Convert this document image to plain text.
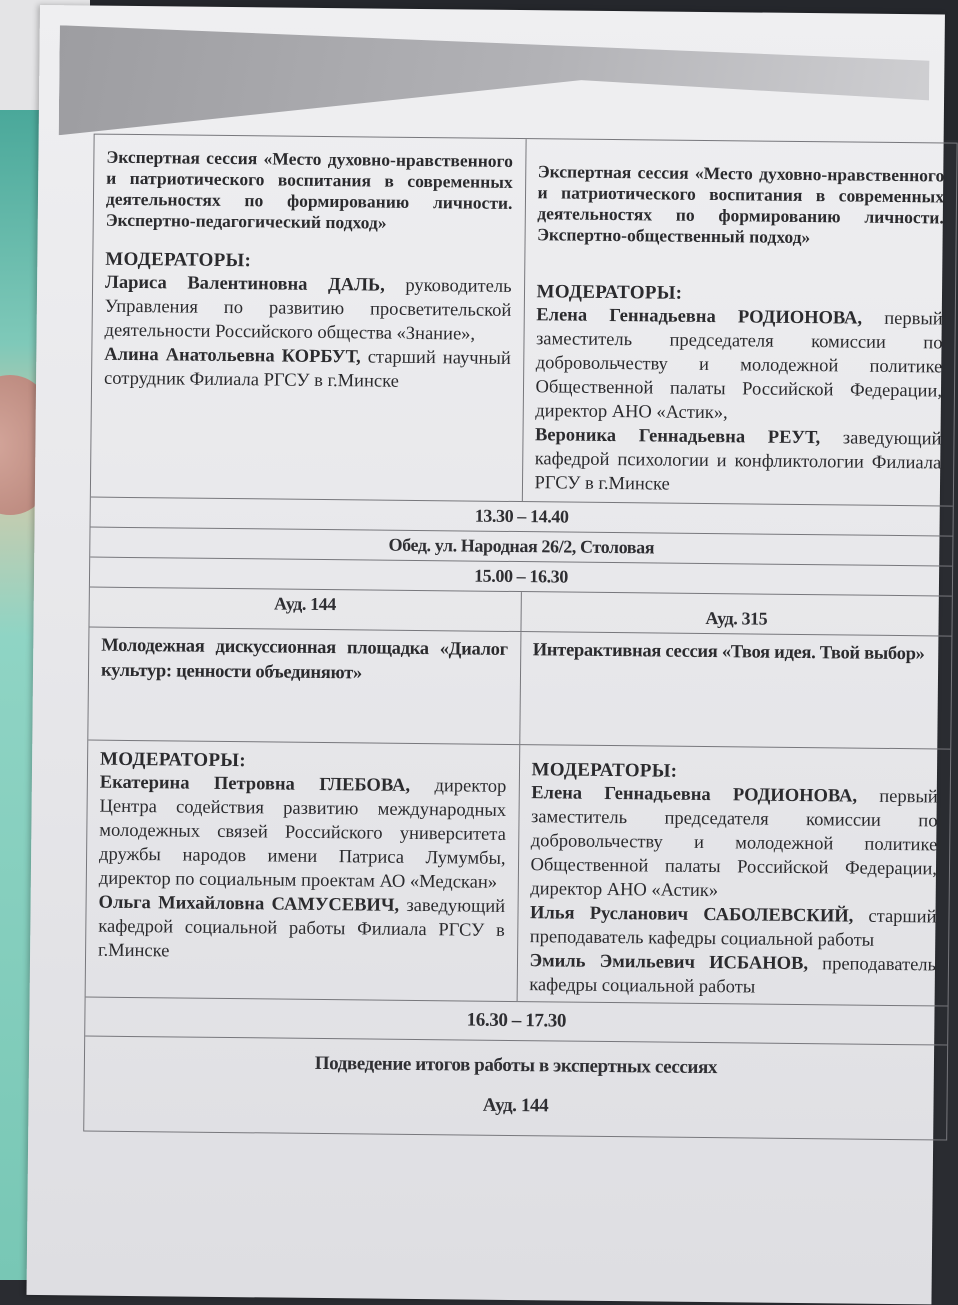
Экспертная сессия «Место духовно-нравственного и патриотического воспитания в современных деятельностях по формированию личности. Экспертно-педагогический подход»
МОДЕРАТОРЫ:
Лариса Валентиновна ДАЛЬ, руководитель Управления по развитию просветительской деятельности Российского общества «Знание»,
Алина Анатольевна КОРБУТ, старший научный сотрудник Филиала РГСУ в г.Минске
Экспертная сессия «Место духовно-нравственного и патриотического воспитания в современных деятельностях по формированию личности. Экспертно-общественный подход»
МОДЕРАТОРЫ:
Елена Геннадьевна РОДИОНОВА, первый заместитель председателя комиссии по добровольчеству и молодежной политике Общественной палаты Российской Федерации, директор АНО «Астик»,
Вероника Геннадьевна РЕУТ, заведующий кафедрой психологии и конфликтологии Филиала РГСУ в г.Минске
13.30 – 14.40
Обед. ул. Народная 26/2, Столовая
15.00 – 16.30
Ауд. 144
Ауд. 315
Молодежная дискуссионная площадка «Диалог культур: ценности объединяют»
Интерактивная сессия «Твоя идея. Твой выбор»
МОДЕРАТОРЫ:
Екатерина Петровна ГЛЕБОВА, директор Центра содействия развитию международных молодежных связей Российского университета дружбы народов имени Патриса Лумумбы, директор по социальным проектам АО «Медскан»
Ольга Михайловна САМУСЕВИЧ, заведующий кафедрой социальной работы Филиала РГСУ в г.Минске
МОДЕРАТОРЫ:
Елена Геннадьевна РОДИОНОВА, первый заместитель председателя комиссии по добровольчеству и молодежной политике Общественной палаты Российской Федерации, директор АНО «Астик»
Илья Русланович САБОЛЕВСКИЙ, старший преподаватель кафедры социальной работы
Эмиль Эмильевич ИСБАНОВ, преподаватель кафедры социальной работы
16.30 – 17.30
Подведение итогов работы в экспертных сессиях
Ауд. 144
